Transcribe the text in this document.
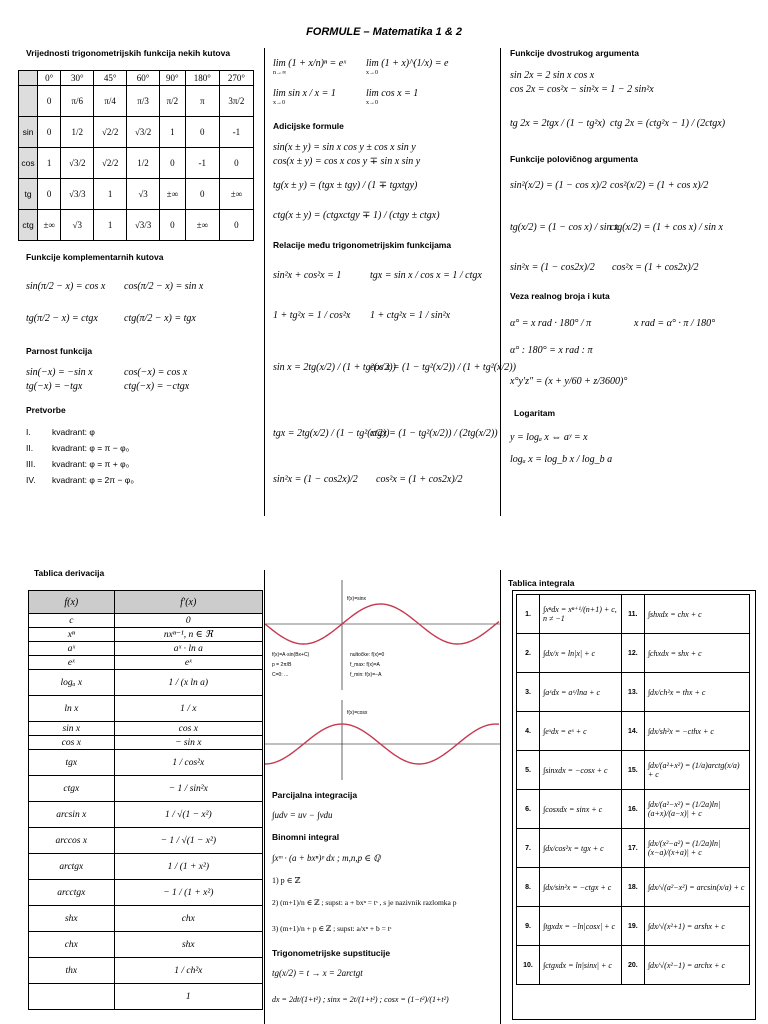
FORMULE – Matematika 1 & 2
Vrijednosti trigonometrijskih funkcija nekih kutova
	0°	30°	45°	60°	90°	180°	270°
	0	π/6	π/4	π/3	π/2	π	3π/2
sin	0	1/2	√2/2	√3/2	1	0	-1
cos	1	√3/2	√2/2	1/2	0	-1	0
tg	0	√3/3	1	√3	±∞	0	±∞
ctg	±∞	√3	1	√3/3	0	±∞	0
Funkcije komplementarnih kutova
sin(π/2 − x) = cos x cos(π/2 − x) = sin x
tg(π/2 − x) = ctgx	ctg(π/2 − x) = tgx
Parnost funkcija
sin(−x) = −sin x	cos(−x) = cos x
tg(−x) = −tgx	ctg(−x) = −ctgx
Pretvorbe
I.	kvadrant: φ
II. kvadrant: φ = π − φ₀
III. kvadrant: φ = π + φ₀
IV. kvadrant: φ = 2π − φ₀
lim (1 + x/n)ⁿ = eˣ lim (1 + x)^(1/x) = e
lim sin x / x = 1	lim cos x = 1
n→∞	x→0
x→0	x→0
Adicijske formule
sin(x ± y) = sin x cos y ± cos x sin y
cos(x ± y) = cos x cos y ∓ sin x sin y
tg(x ± y) = (tgx ± tgy) / (1 ∓ tgxtgy)
ctg(x ± y) = (ctgxctgy ∓ 1) / (ctgy ± ctgx)
Relacije među trigonometrijskim funkcijama
sin²x + cos²x = 1	tgx = sin x / cos x = 1 / ctgx
1 + tg²x = 1 / cos²x 1 + ctg²x = 1 / sin²x
sin x = 2tg(x/2) / (1 + tg²(x/2))
cos x = (1 − tg²(x/2)) / (1 + tg²(x/2))
tgx = 2tg(x/2) / (1 − tg²(x/2))
ctgx = (1 − tg²(x/2)) / (2tg(x/2))
sin²x = (1 − cos2x)/2 cos²x = (1 + cos2x)/2
Funkcije dvostrukog argumenta
sin 2x = 2 sin x cos x
cos 2x = cos²x − sin²x = 1 − 2 sin²x
tg 2x = 2tgx / (1 − tg²x) ctg 2x = (ctg²x − 1) / (2ctgx)
Funkcije polovičnog argumenta
sin²(x/2) = (1 − cos x)/2 cos²(x/2) = (1 + cos x)/2
tg(x/2) = (1 − cos x) / sin x
ctg(x/2) = (1 + cos x) / sin x
sin²x = (1 − cos2x)/2 cos²x = (1 + cos2x)/2
Veza realnog broja i kuta
α° = x rad · 180° / π	x rad = α° · π / 180°
α° : 180° = x rad : π
x°y′z″ = (x + y/60 + z/3600)°
Logaritam
y = logₐ x ⇔ aʸ = x
logₐ x = log_b x / log_b a
Tablica derivacija
f(x)	f′(x)
c	0
xⁿ	nxⁿ⁻¹, n ∈ ℜ
aˣ	aˣ · ln a
eˣ	eˣ
logₐ x	1 / (x ln a)
ln x	1 / x
sin x	cos x
cos x	− sin x
tgx	1 / cos²x
ctgx	− 1 / sin²x
arcsin x	1 / √(1 − x²)
arccos x	− 1 / √(1 − x²)
arctgx	1 / (1 + x²)
arcctgx	− 1 / (1 + x²)
shx	chx
chx	shx
thx	1 / ch²x
	1
f(x)=sinx
f(x)=A·sin(Bx+C)
p = 2π/B
C=0: ...
nultočke: f(x)=0
f_max: f(x)=A
f_min: f(x)=−A
f(x)=cosx
Parcijalna integracija
∫udv = uv − ∫vdu
Binomni integral
∫xᵐ · (a + bxⁿ)ᵖ dx ; m,n,p ∈ ℚ
1) p ∈ ℤ
2) (m+1)/n ∈ ℤ ; supst: a + bxⁿ = tˢ , s je nazivnik razlomka p
3) (m+1)/n + p ∈ ℤ ; supst: a/xⁿ + b = tˢ
Trigonometrijske supstitucije
tg(x/2) = t → x = 2arctgt
dx = 2dt/(1+t²) ; sinx = 2t/(1+t²) ; cosx = (1−t²)/(1+t²)
Tablica integrala
1.	∫xⁿdx = xⁿ⁺¹/(n+1) + c, n ≠ −1	11.	∫shxdx = chx + c
2.	∫dx/x = ln|x| + c	12.	∫chxdx = shx + c
3.	∫aˣdx = aˣ/lna + c	13.	∫dx/ch²x = thx + c
4.	∫eˣdx = eˣ + c	14.	∫dx/sh²x = −cthx + c
5.	∫sinxdx = −cosx + c	15.	∫dx/(a²+x²) = (1/a)arctg(x/a) + c
6.	∫cosxdx = sinx + c	16.	∫dx/(a²−x²) = (1/2a)ln|(a+x)/(a−x)| + c
7.	∫dx/cos²x = tgx + c	17.	∫dx/(x²−a²) = (1/2a)ln|(x−a)/(x+a)| + c
8.	∫dx/sin²x = −ctgx + c	18.	∫dx/√(a²−x²) = arcsin(x/a) + c
9.	∫tgxdx = −ln|cosx| + c	19.	∫dx/√(x²+1) = arshx + c
10.	∫ctgxdx = ln|sinx| + c	20.	∫dx/√(x²−1) = archx + c
